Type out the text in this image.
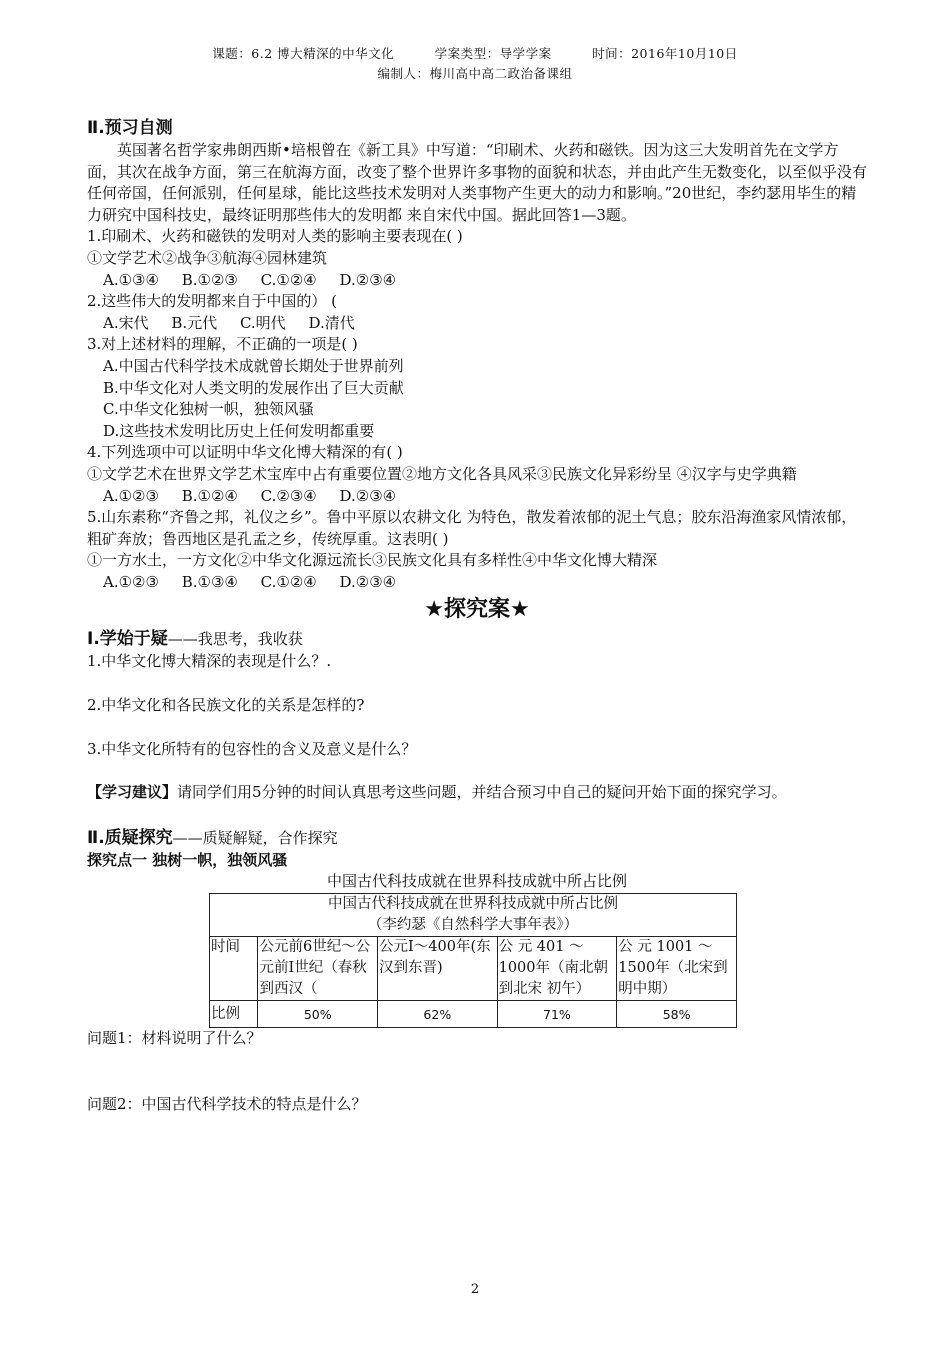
课题：6.2 博大精深的中华文化	学案类型：导学学案	时间：2016年10月10日
编制人：梅川高中高二政治备课组
Ⅱ.预习自测

英国著名哲学家弗朗西斯•培根曾在《新工具》中写道：“印刷术、火药和磁铁。因为这三大发明首先在文学方面，其次在战争方面，第三在航海方面，改变了整个世界许多事物的面貌和状态，并由此产生无数变化，以至似乎没有任何帝国，任何派别，任何星球，能比这些技术发明对人类事物产生更大的动力和影响。”20世纪，李约瑟用毕生的精力研究中国科技史，最终证明那些伟大的发明都 来自宋代中国。据此回答1—3题。

1.印刷术、火药和磁铁的发明对人类的影响主要表现在( )

①文学艺术②战争③航海④园林建筑

A.①③④ B.①②③ C.①②④ D.②③④

2.这些伟大的发明都来自于中国的） (

A.宋代 B.元代 C.明代 D.清代

3.对上述材料的理解，不正确的一项是( )

A.中国古代科学技术成就曾长期处于世界前列

B.中华文化对人类文明的发展作出了巨大贡献

C.中华文化独树一帜，独领风骚

D.这些技术发明比历史上任何发明都重要

4.下列选项中可以证明中华文化博大精深的有( )

①文学艺术在世界文学艺术宝库中占有重要位置②地方文化各具风采③民族文化异彩纷呈 ④汉字与史学典籍

A.①②③ B.①②④ C.②③④ D.②③④

5.山东素称“齐鲁之邦，礼仪之乡”。鲁中平原以农耕文化 为特色，散发着浓郁的泥土气息；胶东沿海渔家风情浓郁，粗矿奔放；鲁西地区是孔孟之乡，传统厚重。这表明( )

①一方水土，一方文化②中华文化源远流长③民族文化具有多样性④中华文化博大精深

A.①②③ B.①③④ C.①②④ D.②③④

★探究案★
Ⅰ.学始于疑——我思考，我收获

1.中华文化博大精深的表现是什么？.

2.中华文化和各民族文化的关系是怎样的?

3.中华文化所特有的包容性的含义及意义是什么？

【学习建议】请同学们用5分钟的时间认真思考这些问题，并结合预习中自己的疑问开始下面的探究学习。

Ⅱ.质疑探究——质疑解疑，合作探究

探究点一 独树一帜，独领风骚

中国古代科技成就在世界科技成就中所占比例

中国古代科技成就在世界科技成就中所占比例
（李约瑟《自然科学大事年表》）				

时间	公元前6世纪～公元前Ⅰ世纪（春秋到西汉（	公元Ⅰ～400年(东汉到东晋)	公 元 401 ～1000年（南北朝到北宋 初午）	公 元 1001 ～1500年（北宋到明中期）
比例	50%	62%	71%	58%

问题1：材料说明了什么？

问题2：中国古代科学技术的特点是什么？

2
